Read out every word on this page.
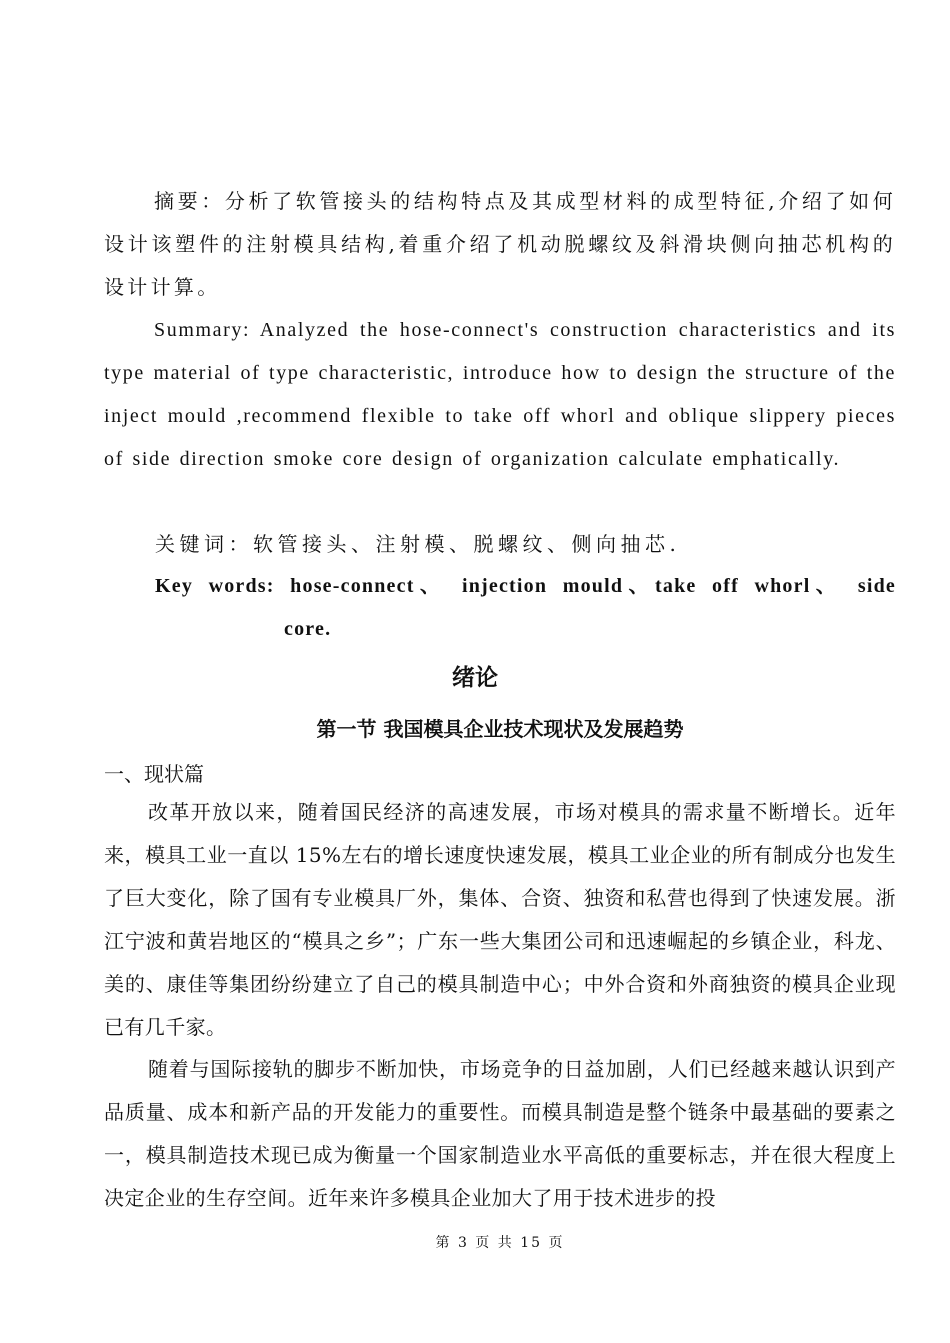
摘要：分析了软管接头的结构特点及其成型材料的成型特征,介绍了如何设计该塑件的注射模具结构,着重介绍了机动脱螺纹及斜滑块侧向抽芯机构的设计计算。

Summary: Analyzed the hose-connect's construction characteristics and its type material of type characteristic, introduce how to design the structure of the inject mould ,recommend flexible to take off whorl and oblique slippery pieces of side direction smoke core design of organization calculate emphatically.

关键词：软管接头、注射模、脱螺纹、侧向抽芯.

Key words: hose-connect、 injection mould、take off whorl、 side

core.

绪论
第一节 我国模具企业技术现状及发展趋势

一、现状篇

改革开放以来，随着国民经济的高速发展，市场对模具的需求量不断增长。近年来，模具工业一直以 15%左右的增长速度快速发展，模具工业企业的所有制成分也发生了巨大变化，除了国有专业模具厂外，集体、合资、独资和私营也得到了快速发展。浙江宁波和黄岩地区的“模具之乡”；广东一些大集团公司和迅速崛起的乡镇企业，科龙、美的、康佳等集团纷纷建立了自己的模具制造中心；中外合资和外商独资的模具企业现已有几千家。

随着与国际接轨的脚步不断加快，市场竞争的日益加剧，人们已经越来越认识到产品质量、成本和新产品的开发能力的重要性。而模具制造是整个链条中最基础的要素之一，模具制造技术现已成为衡量一个国家制造业水平高低的重要标志，并在很大程度上决定企业的生存空间。近年来许多模具企业加大了用于技术进步的投

第 3 页 共 15 页
